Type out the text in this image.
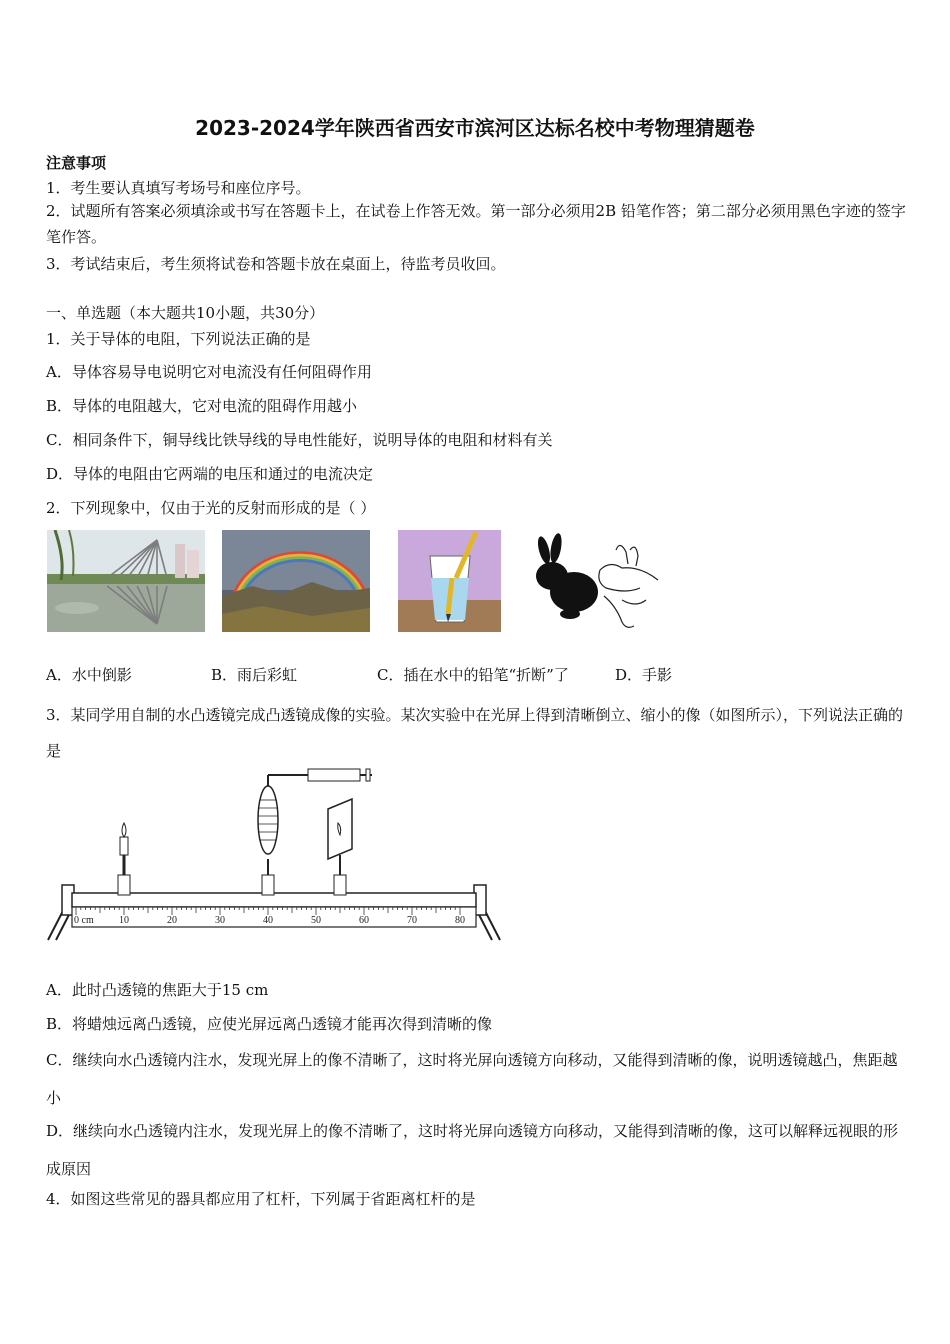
2023-2024学年陕西省西安市滨河区达标名校中考物理猜题卷
注意事项
1．考生要认真填写考场号和座位序号。
2．试题所有答案必须填涂或书写在答题卡上，在试卷上作答无效。第一部分必须用2B 铅笔作答；第二部分必须用黑色字迹的签字笔作答。
3．考试结束后，考生须将试卷和答题卡放在桌面上，待监考员收回。
一、单选题（本大题共10小题，共30分）
1．关于导体的电阻，下列说法正确的是
A．导体容易导电说明它对电流没有任何阻碍作用
B．导体的电阻越大，它对电流的阻碍作用越小
C．相同条件下，铜导线比铁导线的导电性能好，说明导体的电阻和材料有关
D．导体的电阻由它两端的电压和通过的电流决定
2．下列现象中，仅由于光的反射而形成的是（ ）
A．水中倒影	B．雨后彩虹	C．插在水中的铅笔“折断”了	D．手影
3．某同学用自制的水凸透镜完成凸透镜成像的实验。某次实验中在光屏上得到清晰倒立、缩小的像（如图所示），下列说法正确的是
0 cm	10	20	30	40	50	60	70	80
A．此时凸透镜的焦距大于15 cm
B．将蜡烛远离凸透镜，应使光屏远离凸透镜才能再次得到清晰的像
C．继续向水凸透镜内注水，发现光屏上的像不清晰了，这时将光屏向透镜方向移动，又能得到清晰的像，说明透镜越凸，焦距越小
D．继续向水凸透镜内注水，发现光屏上的像不清晰了，这时将光屏向透镜方向移动，又能得到清晰的像，这可以解释远视眼的形成原因
4．如图这些常见的器具都应用了杠杆，下列属于省距离杠杆的是
